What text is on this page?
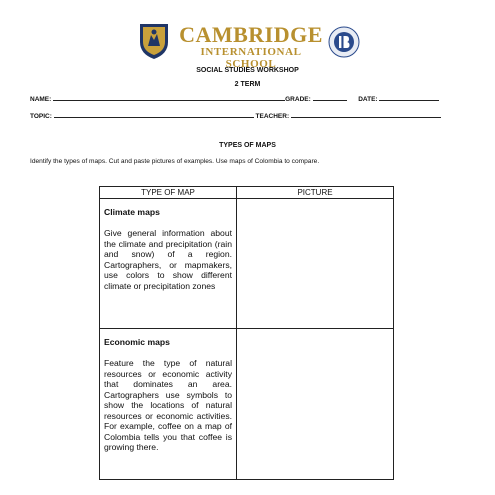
CAMBRIDGE
INTERNATIONAL SCHOOL
SOCIAL STUDIES WORKSHOP
2 TERM
NAME:	GRADE:	DATE:
TOPIC:	TEACHER:
TYPES OF MAPS
Identify the types of maps. Cut and paste pictures of examples. Use maps of Colombia to compare.
TYPE OF MAP	PICTURE

Climate maps
Give general information about the climate and precipitation (rain and snow) of a region. Cartographers, or mapmakers, use colors to show different climate or precipitation zones	

Economic maps
Feature the type of natural resources or economic activity that dominates an area. Cartographers use symbols to show the locations of natural resources or economic activities. For example, coffee on a map of Colombia tells you that coffee is growing there.	
